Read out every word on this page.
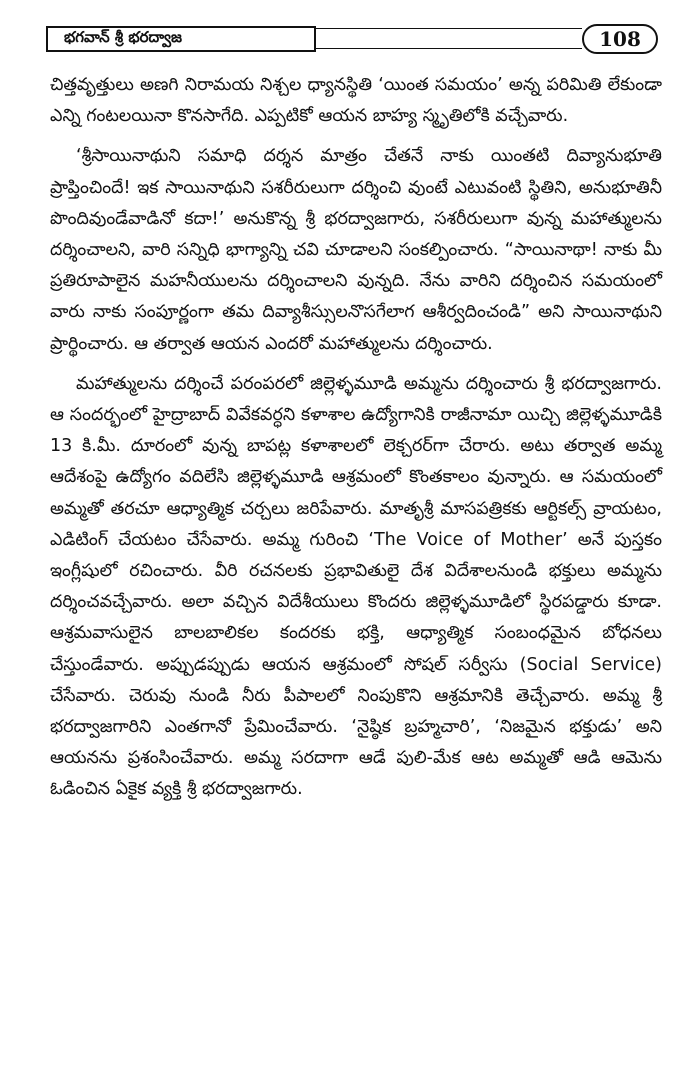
భగవాన్ శ్రీ భరద్వాజ	108

చిత్తవృత్తులు అణగి నిరామయ నిశ్చల ధ్యానస్థితి ‘యింత సమయం’ అన్న పరిమితి లేకుండా ఎన్ని గంటలయినా కొనసాగేది. ఎప్పటికో ఆయన బాహ్య స్మృతిలోకి వచ్చేవారు.

‘శ్రీసాయినాథుని సమాధి దర్శన మాత్రం చేతనే నాకు యింతటి దివ్యానుభూతి ప్రాప్తించిందే! ఇక సాయినాథుని సశరీరులుగా దర్శించి వుంటే ఎటువంటి స్థితిని, అనుభూతినీ పొందివుండేవాడినో కదా!’ అనుకొన్న శ్రీ భరద్వాజగారు, సశరీరులుగా వున్న మహాత్ములను దర్శించాలని, వారి సన్నిధి భాగ్యాన్ని చవి చూడాలని సంకల్పించారు. “సాయినాథా! నాకు మీ ప్రతిరూపాలైన మహనీయులను దర్శించాలని వున్నది. నేను వారిని దర్శించిన సమయంలో వారు నాకు సంపూర్ణంగా తమ దివ్యాశీస్సులనొసగేలాగ ఆశీర్వదించండి” అని సాయినాథుని ప్రార్థించారు. ఆ తర్వాత ఆయన ఎందరో మహాత్ములను దర్శించారు.

మహాత్ములను దర్శించే పరంపరలో జిల్లెళ్ళమూడి అమ్మను దర్శించారు శ్రీ భరద్వాజగారు. ఆ సందర్భంలో హైద్రాబాద్ వివేకవర్ధని కళాశాల ఉద్యోగానికి రాజీనామా యిచ్చి జిల్లెళ్ళమూడికి 13 కి.మీ. దూరంలో వున్న బాపట్ల కళాశాలలో లెక్చరర్‌గా చేరారు. అటు తర్వాత అమ్మ ఆదేశంపై ఉద్యోగం వదిలేసి జిల్లెళ్ళమూడి ఆశ్రమంలో కొంతకాలం వున్నారు. ఆ సమయంలో అమ్మతో తరచూ ఆధ్యాత్మిక చర్చలు జరిపేవారు. మాతృశ్రీ మాసపత్రికకు ఆర్టికల్స్ వ్రాయటం, ఎడిటింగ్ చేయటం చేసేవారు. అమ్మ గురించి ‘The Voice of Mother’ అనే పుస్తకం ఇంగ్లీషులో రచించారు. వీరి రచనలకు ప్రభావితులై దేశ విదేశాలనుండి భక్తులు అమ్మను దర్శించవచ్చేవారు. అలా వచ్చిన విదేశీయులు కొందరు జిల్లెళ్ళమూడిలో స్థిరపడ్డారు కూడా. ఆశ్రమవాసులైన బాలబాలికల కందరకు భక్తి, ఆధ్యాత్మిక సంబంధమైన బోధనలు చేస్తుండేవారు. అప్పుడప్పుడు ఆయన ఆశ్రమంలో సోషల్ సర్వీసు (Social Service) చేసేవారు. చెరువు నుండి నీరు పీపాలలో నింపుకొని ఆశ్రమానికి తెచ్చేవారు. అమ్మ శ్రీ భరద్వాజగారిని ఎంతగానో ప్రేమించేవారు. ‘నైష్ఠిక బ్రహ్మచారి’, ‘నిజమైన భక్తుడు’ అని ఆయనను ప్రశంసించేవారు. అమ్మ సరదాగా ఆడే పులి-మేక ఆట అమ్మతో ఆడి ఆమెను ఓడించిన ఏకైక వ్యక్తి శ్రీ భరద్వాజగారు.
